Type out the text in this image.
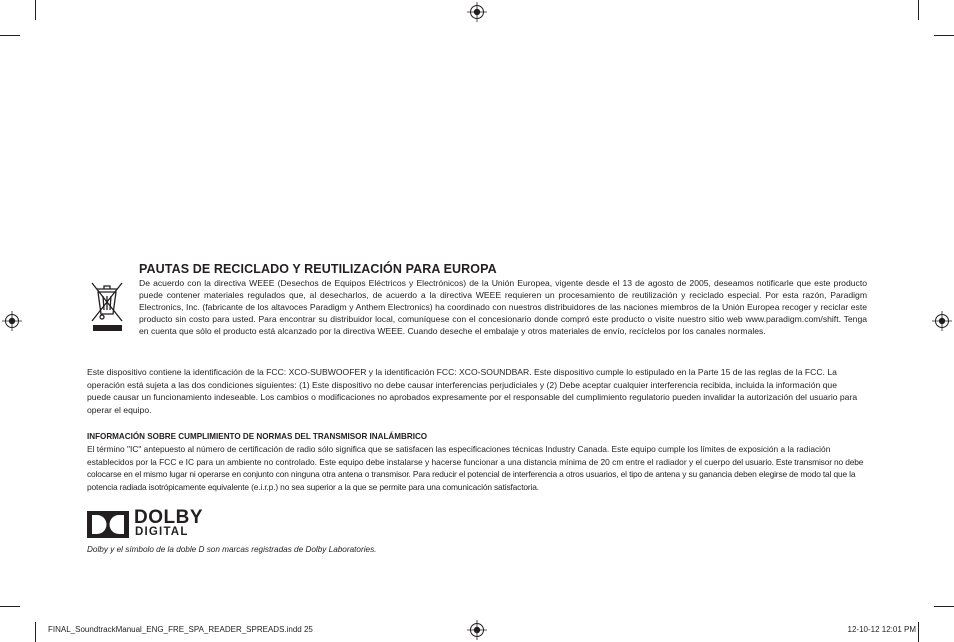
PAUTAS DE RECICLADO Y REUTILIZACIÓN PARA EUROPA
De acuerdo con la directiva WEEE (Desechos de Equipos Eléctricos y Electrónicos) de la Unión Europea, vigente desde el 13 de agosto de 2005, deseamos notificarle que este producto puede contener materiales regulados que, al desecharlos, de acuerdo a la directiva WEEE requieren un procesamiento de reutilización y reciclado especial. Por esta razón, Paradigm Electronics, Inc. (fabricante de los altavoces Paradigm y Anthem Electronics) ha coordinado con nuestros distribuidores de las naciones miembros de la Unión Europea recoger y reciclar este producto sin costo para usted. Para encontrar su distribuidor local, comuníquese con el concesionario donde compró este producto o visite nuestro sitio web www.paradigm.com/shift. Tenga en cuenta que sólo el producto está alcanzado por la directiva WEEE. Cuando deseche el embalaje y otros materiales de envío, recíclelos por los canales normales.
Este dispositivo contiene la identificación de la FCC: XCO-SUBWOOFER y la identificación FCC: XCO-SOUNDBAR. Este dispositivo cumple lo estipulado en la Parte 15 de las reglas de la FCC. La operación está sujeta a las dos condiciones siguientes: (1) Este dispositivo no debe causar interferencias perjudiciales y (2) Debe aceptar cualquier interferencia recibida, incluida la información que puede causar un funcionamiento indeseable. Los cambios o modificaciones no aprobados expresamente por el responsable del cumplimiento regulatorio pueden invalidar la autorización del usuario para operar el equipo.
INFORMACIÓN SOBRE CUMPLIMIENTO DE NORMAS DEL TRANSMISOR INALÁMBRICO
El término "IC" antepuesto al número de certificación de radio sólo significa que se satisfacen las especificaciones técnicas Industry Canada. Este equipo cumple los límites de exposición a la radiación establecidos por la FCC e IC para un ambiente no controlado. Este equipo debe instalarse y hacerse funcionar a una distancia mínima de 20 cm entre el radiador y el cuerpo del usuario. Este transmisor no debe colocarse en el mismo lugar ni operarse en conjunto con ninguna otra antena o transmisor. Para reducir el potencial de interferencia a otros usuarios, el tipo de antena y su ganancia deben elegirse de modo tal que la potencia radiada isotrópicamente equivalente (e.i.r.p.) no sea superior a la que se permite para una comunicación satisfactoria.
DOLBY
DIGITAL
Dolby y el símbolo de la doble D son marcas registradas de Dolby Laboratories.
FINAL_SoundtrackManual_ENG_FRE_SPA_READER_SPREADS.indd 25	12-10-12 12:01 PM
